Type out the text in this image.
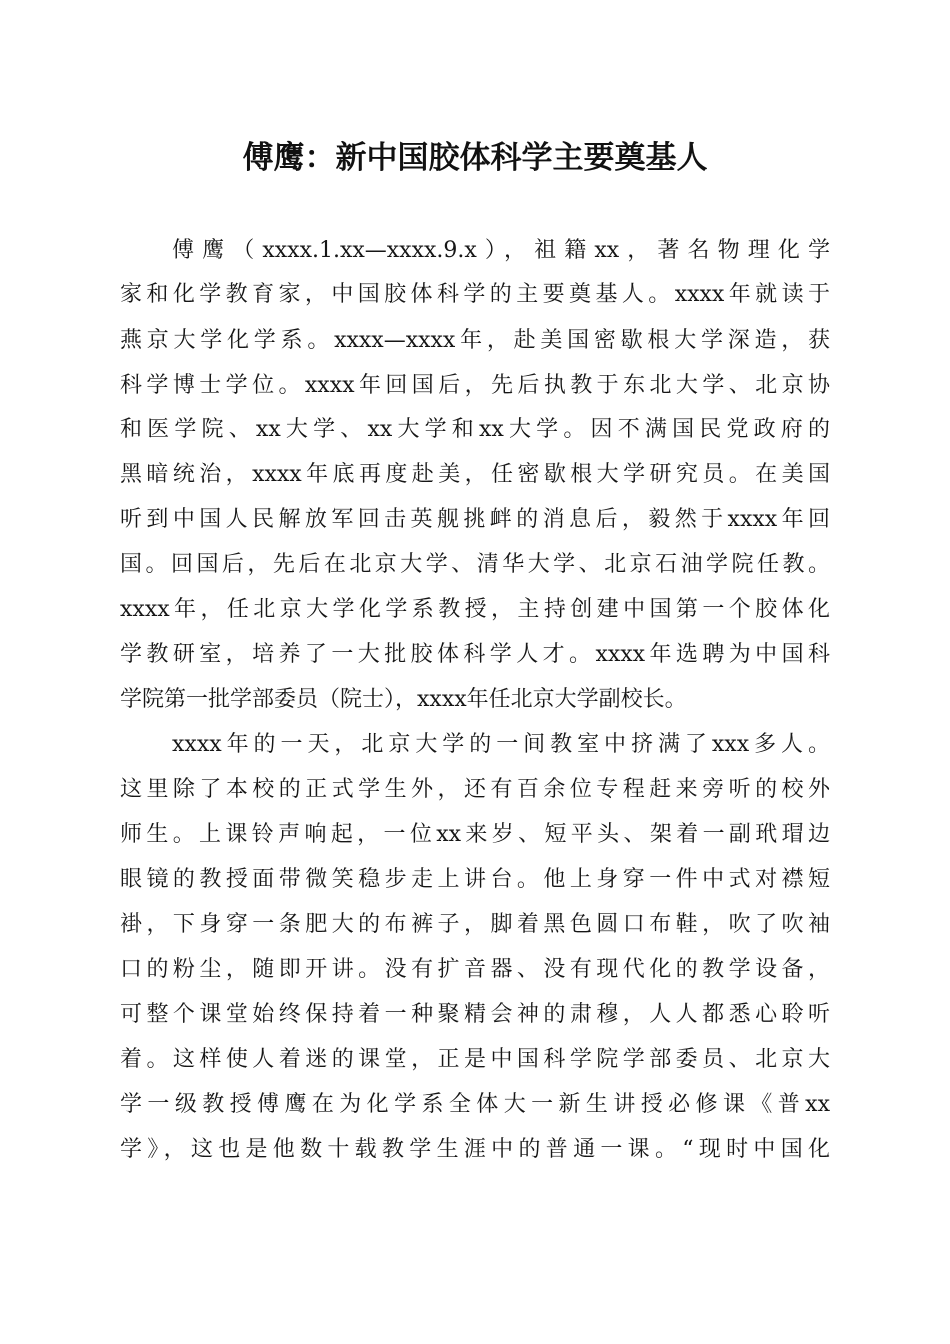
傅鹰：新中国胶体科学主要奠基人

傅鹰（xxxx.1.xx—xxxx.9.x），祖籍xx，著名物理化学

家和化学教育家，中国胶体科学的主要奠基人。xxxx年就读于

燕京大学化学系。xxxx—xxxx年，赴美国密歇根大学深造，获

科学博士学位。xxxx年回国后，先后执教于东北大学、北京协

和医学院、xx大学、xx大学和xx大学。因不满国民党政府的

黑暗统治，xxxx年底再度赴美，任密歇根大学研究员。在美国

听到中国人民解放军回击英舰挑衅的消息后，毅然于xxxx年回

国。回国后，先后在北京大学、清华大学、北京石油学院任教。

xxxx年，任北京大学化学系教授，主持创建中国第一个胶体化

学教研室，培养了一大批胶体科学人才。xxxx年选聘为中国科

学院第一批学部委员（院士），xxxx年任北京大学副校长。

xxxx年的一天，北京大学的一间教室中挤满了xxx多人。

这里除了本校的正式学生外，还有百余位专程赶来旁听的校外

师生。上课铃声响起，一位xx来岁、短平头、架着一副玳瑁边

眼镜的教授面带微笑稳步走上讲台。他上身穿一件中式对襟短

褂，下身穿一条肥大的布裤子，脚着黑色圆口布鞋，吹了吹袖

口的粉尘，随即开讲。没有扩音器、没有现代化的教学设备，

可整个课堂始终保持着一种聚精会神的肃穆，人人都悉心聆听

着。这样使人着迷的课堂，正是中国科学院学部委员、北京大

学一级教授傅鹰在为化学系全体大一新生讲授必修课《普xx

学》，这也是他数十载教学生涯中的普通一课。“现时中国化
